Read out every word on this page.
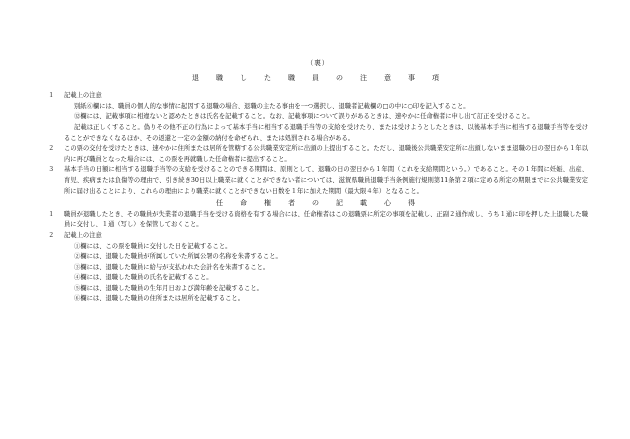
（裏）
退　職　し　た　職　員　の　注　意　事　項
１	記載上の注意

別紙⑥欄には、職員の個人的な事情に起因する退職の場合、退職の主たる事由を一つ選択し、退職者記載欄の□の中に○印を記入すること。

⑫欄には、記載事項に相違ないと認めたときは氏名を記載すること。なお、記載事項について誤りがあるときは、速やかに任命権者に申し出て訂正を受けること。

記載は正しくすること。偽りその他不正の行為によって基本手当に相当する退職手当等の支給を受けたり、または受けようとしたときは、以後基本手当に相当する退職手当等を受けることができなくなるほか、その返還と一定の金額の納付を命ぜられ、または処罰される場合がある。

２	この票の交付を受けたときは、速やかに住所または居所を管轄する公共職業安定所に出頭の上提出すること。ただし、退職後公共職業安定所に出頭しないまま退職の日の翌日から１年以内に再び職員となった場合には、この票を再就職した任命権者に提出すること。
３	基本手当の日額に相当する退職手当等の支給を受けることのできる期間は、原則として、退職の日の翌日から１年間（これを支給期間という。）であること。その１年間に妊娠、出産、育児、疾病または負傷等の理由で、引き続き30日以上職業に就くことができない者については、滋賀県職員退職手当条例施行規則第11条第２項に定める所定の期限までに公共職業安定所に届け出ることにより、これらの理由により職業に就くことができない日数を１年に加えた期間（最大限４年）となること。
任　命　権　者　の　記　載　心　得
１	職員が退職したとき、その職員が失業者の退職手当を受ける資格を有する場合には、任命権者はこの退職票に所定の事項を記載し、正副２通作成し、うち１通に印を押した上退職した職員に交付し、１通（写し）を保管しておくこと。
２	記載上の注意
①欄には、この票を職員に交付した日を記載すること。
②欄には、退職した職員が所属していた所属公署の名称を朱書すること。
③欄には、退職した職員に給与が支払われた会計名を朱書すること。
④欄には、退職した職員の氏名を記載すること。
⑤欄には、退職した職員の生年月日および満年齢を記載すること。
⑥欄には、退職した職員の住所または居所を記載すること。
